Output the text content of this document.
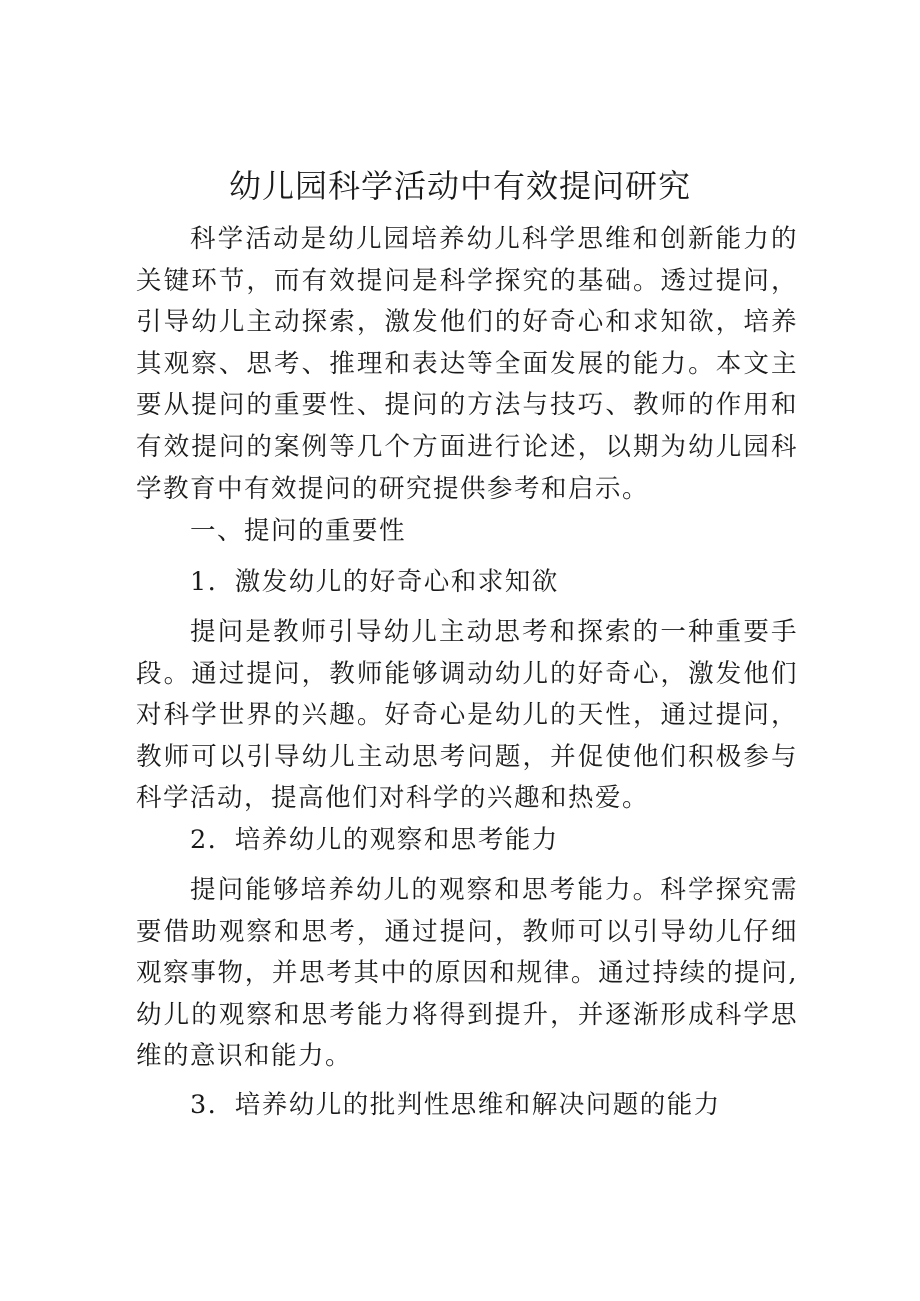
幼儿园科学活动中有效提问研究

科学活动是幼儿园培养幼儿科学思维和创新能力的关键环节，而有效提问是科学探究的基础。透过提问，引导幼儿主动探索，激发他们的好奇心和求知欲，培养其观察、思考、推理和表达等全面发展的能力。本文主要从提问的重要性、提问的方法与技巧、教师的作用和有效提问的案例等几个方面进行论述，以期为幼儿园科学教育中有效提问的研究提供参考和启示。

一、提问的重要性
1．激发幼儿的好奇心和求知欲

提问是教师引导幼儿主动思考和探索的一种重要手段。通过提问，教师能够调动幼儿的好奇心，激发他们对科学世界的兴趣。好奇心是幼儿的天性，通过提问，教师可以引导幼儿主动思考问题，并促使他们积极参与科学活动，提高他们对科学的兴趣和热爱。

2．培养幼儿的观察和思考能力

提问能够培养幼儿的观察和思考能力。科学探究需要借助观察和思考，通过提问，教师可以引导幼儿仔细观察事物，并思考其中的原因和规律。通过持续的提问,幼儿的观察和思考能力将得到提升，并逐渐形成科学思维的意识和能力。

3．培养幼儿的批判性思维和解决问题的能力
